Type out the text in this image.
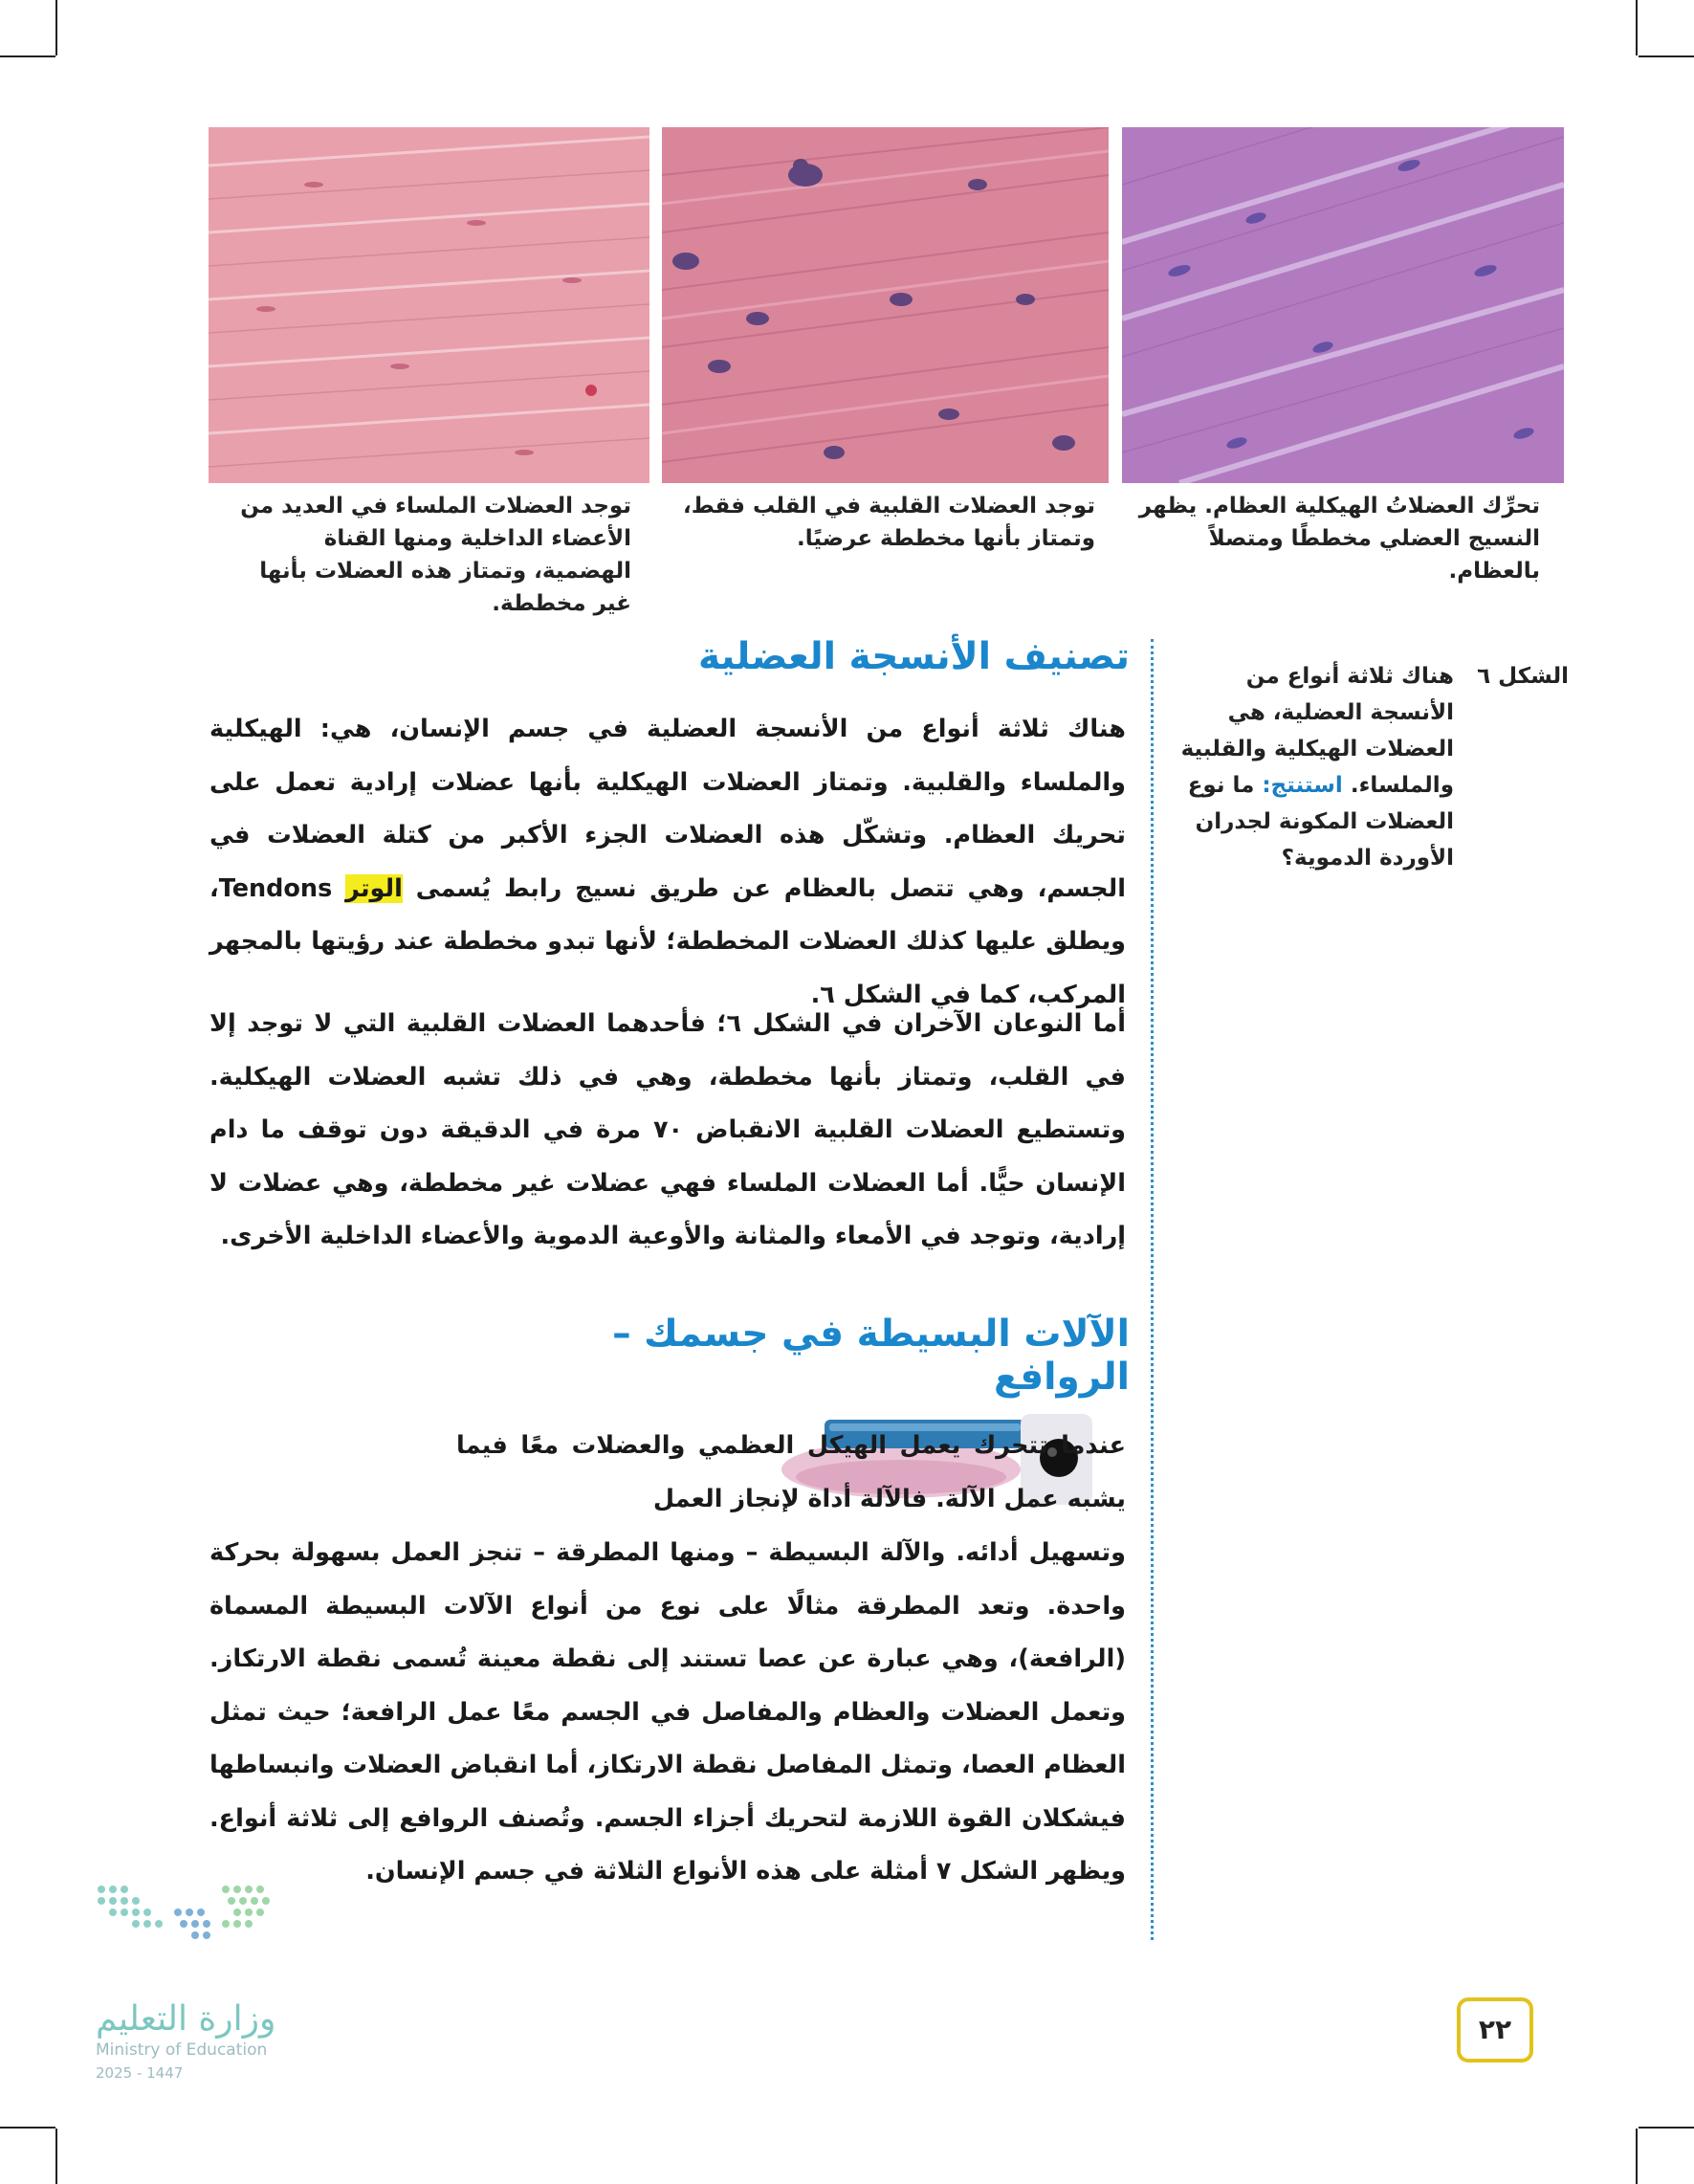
تحرِّك العضلاتُ الهيكلية العظام. يظهر النسيج العضلي مخططًا ومتصلاً بالعظام.
توجد العضلات القلبية في القلب فقط، وتمتاز بأنها مخططة عرضيًا.
توجد العضلات الملساء في العديد من الأعضاء الداخلية ومنها القناة الهضمية، وتمتاز هذه العضلات بأنها غير مخططة.
الشكل ٦
هناك ثلاثة أنواع من الأنسجة العضلية، هي العضلات الهيكلية والقلبية والملساء. استنتج: ما نوع العضلات المكونة لجدران الأوردة الدموية؟
تصنيف الأنسجة العضلية
هناك ثلاثة أنواع من الأنسجة العضلية في جسم الإنسان، هي: الهيكلية والملساء والقلبية. وتمتاز العضلات الهيكلية بأنها عضلات إرادية تعمل على تحريك العظام. وتشكّل هذه العضلات الجزء الأكبر من كتلة العضلات في الجسم، وهي تتصل بالعظام عن طريق نسيج رابط يُسمى الوتر Tendons، ويطلق عليها كذلك العضلات المخططة؛ لأنها تبدو مخططة عند رؤيتها بالمجهر المركب، كما في الشكل ٦.
أما النوعان الآخران في الشكل ٦؛ فأحدهما العضلات القلبية التي لا توجد إلا في القلب، وتمتاز بأنها مخططة، وهي في ذلك تشبه العضلات الهيكلية. وتستطيع العضلات القلبية الانقباض ٧٠ مرة في الدقيقة دون توقف ما دام الإنسان حيًّا. أما العضلات الملساء فهي عضلات غير مخططة، وهي عضلات لا إرادية، وتوجد في الأمعاء والمثانة والأوعية الدموية والأعضاء الداخلية الأخرى.
الآلات البسيطة في جسمك – الروافع
عندما تتحرك يعمل الهيكل العظمي والعضلات معًا فيما يشبه عمل الآلة. فالآلة أداة لإنجاز العمل
وتسهيل أدائه. والآلة البسيطة – ومنها المطرقة – تنجز العمل بسهولة بحركة واحدة. وتعد المطرقة مثالًا على نوع من أنواع الآلات البسيطة المسماة (الرافعة)، وهي عبارة عن عصا تستند إلى نقطة معينة تُسمى نقطة الارتكاز. وتعمل العضلات والعظام والمفاصل في الجسم معًا عمل الرافعة؛ حيث تمثل العظام العصا، وتمثل المفاصل نقطة الارتكاز، أما انقباض العضلات وانبساطها فيشكلان القوة اللازمة لتحريك أجزاء الجسم. وتُصنف الروافع إلى ثلاثة أنواع. ويظهر الشكل ٧ أمثلة على هذه الأنواع الثلاثة في جسم الإنسان.
وزارة التعليم
Ministry of Education
2025 - 1447
٢٢
